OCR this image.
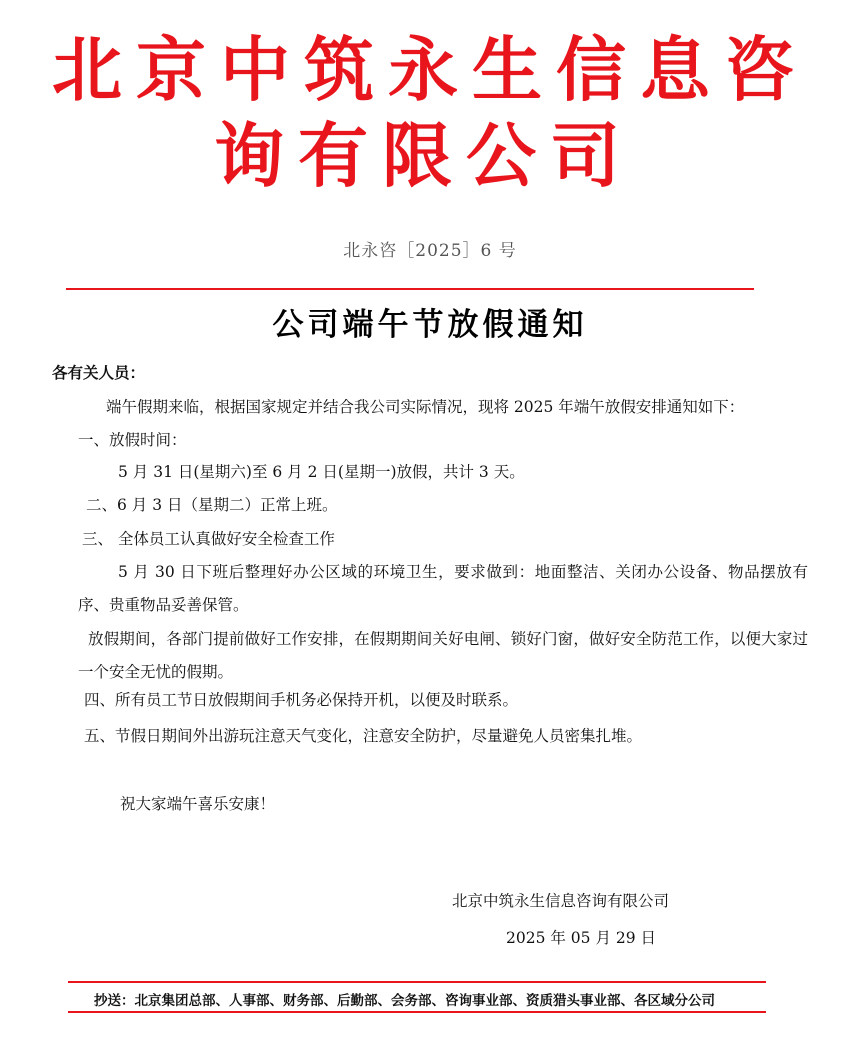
北京中筑永生信息咨
询有限公司
北永咨［2025］6 号
公司端午节放假通知
各有关人员：
端午假期来临，根据国家规定并结合我公司实际情况，现将 2025 年端午放假安排通知如下：
一、放假时间：
5 月 31 日(星期六)至 6 月 2 日(星期一)放假，共计 3 天。
二、6 月 3 日（星期二）正常上班。
三、 全体员工认真做好安全检查工作

5 月 30 日下班后整理好办公区域的环境卫生，要求做到：地面整洁、关闭办公设备、物品摆放有序、贵重物品妥善保管。

放假期间，各部门提前做好工作安排，在假期期间关好电闸、锁好门窗，做好安全防范工作，以便大家过一个安全无忧的假期。

四、所有员工节日放假期间手机务必保持开机，以便及时联系。
五、节假日期间外出游玩注意天气变化，注意安全防护，尽量避免人员密集扎堆。
祝大家端午喜乐安康！
北京中筑永生信息咨询有限公司
2025 年 05 月 29 日
抄送：北京集团总部、人事部、财务部、后勤部、会务部、咨询事业部、资质猎头事业部、各区域分公司
